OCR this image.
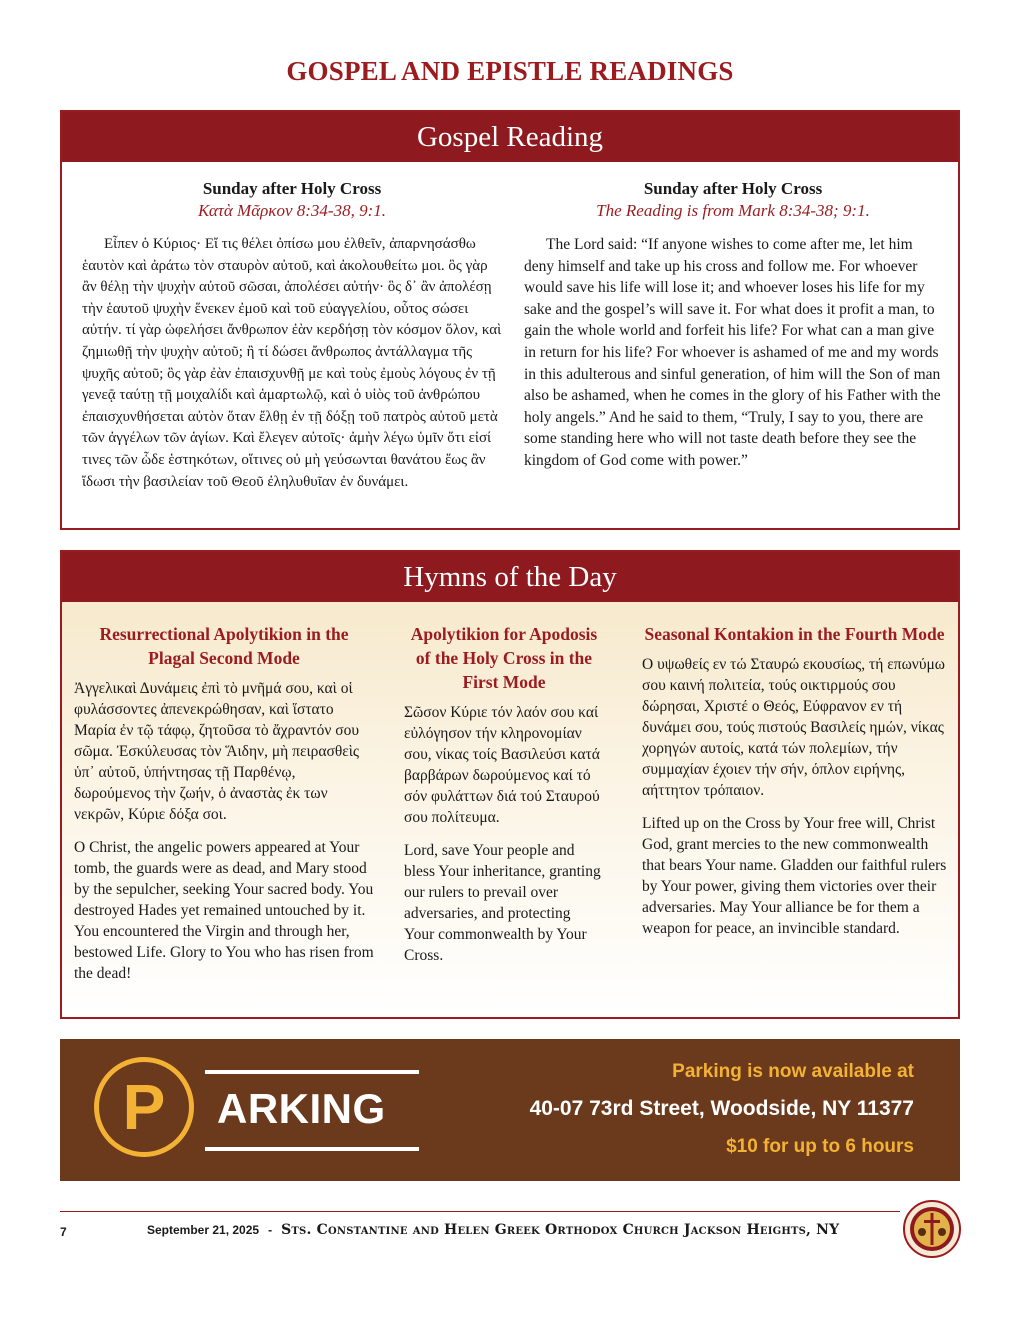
GOSPEL AND EPISTLE READINGS
Gospel Reading
Sunday after Holy Cross
Κατὰ Μᾶρκον 8:34-38, 9:1.

Εἶπεν ὁ Κύριος· Εἴ τις θέλει ὀπίσω μου ἐλθεῖν, ἀπαρνησάσθω ἑαυτὸν καὶ ἀράτω τὸν σταυρὸν αὐτοῦ, καὶ ἀκολουθείτω μοι. ὃς γὰρ ἂν θέλῃ τὴν ψυχὴν αὐτοῦ σῶσαι, ἀπολέσει αὐτήν· ὃς δ᾽ ἂν ἀπολέσῃ τὴν ἑαυτοῦ ψυχὴν ἕνεκεν ἐμοῦ καὶ τοῦ εὐαγγελίου, οὗτος σώσει αὐτήν. τί γὰρ ὠφελήσει ἄνθρωπον ἐὰν κερδήσῃ τὸν κόσμον ὅλον, καὶ ζημιωθῇ τὴν ψυχὴν αὐτοῦ; ἢ τί δώσει ἄνθρωπος ἀντάλλαγμα τῆς ψυχῆς αὐτοῦ; ὃς γὰρ ἐὰν ἐπαισχυνθῇ με καὶ τοὺς ἐμοὺς λόγους ἐν τῇ γενεᾷ ταύτῃ τῇ μοιχαλίδι καὶ ἁμαρτωλῷ, καὶ ὁ υἱὸς τοῦ ἀνθρώπου ἐπαισχυνθήσεται αὐτὸν ὅταν ἔλθῃ ἐν τῇ δόξῃ τοῦ πατρὸς αὐτοῦ μετὰ τῶν ἀγγέλων τῶν ἁγίων. Καὶ ἔλεγεν αὐτοῖς· ἀμὴν λέγω ὑμῖν ὅτι εἰσί τινες τῶν ὧδε ἑστηκότων, οἵτινες οὐ μὴ γεύσωνται θανάτου ἕως ἂν ἴδωσι τὴν βασιλείαν τοῦ Θεοῦ ἐληλυθυῖαν ἐν δυνάμει.

Sunday after Holy Cross
The Reading is from Mark 8:34-38; 9:1.

The Lord said: “If anyone wishes to come after me, let him deny himself and take up his cross and follow me. For whoever would save his life will lose it; and whoever loses his life for my sake and the gospel’s will save it. For what does it profit a man, to gain the whole world and forfeit his life? For what can a man give in return for his life? For whoever is ashamed of me and my words in this adulterous and sinful generation, of him will the Son of man also be ashamed, when he comes in the glory of his Father with the holy angels.” And he said to them, “Truly, I say to you, there are some standing here who will not taste death before they see the kingdom of God come with power.”

Hymns of the Day
Resurrectional Apolytikion in the Plagal Second Mode

Ἀγγελικαὶ Δυνάμεις ἐπὶ τὸ μνῆμά σου, καὶ οἱ φυλάσσοντες ἀπενεκρώθησαν, καὶ ἵστατο Μαρία ἐν τῷ τάφῳ, ζητοῦσα τὸ ἄχραντόν σου σῶμα. Ἐσκύλευσας τὸν Ἅιδην, μὴ πειρασθεὶς ὑπ᾽ αὐτοῦ, ὑπήντησας τῇ Παρθένῳ, δωρούμενος τὴν ζωήν, ὁ ἀναστὰς ἐκ των νεκρῶν, Κύριε δόξα σοι.

O Christ, the angelic powers appeared at Your tomb, the guards were as dead, and Mary stood by the sepulcher, seeking Your sacred body. You destroyed Hades yet remained untouched by it. You encountered the Virgin and through her, bestowed Life. Glory to You who has risen from the dead!

Apolytikion for Apodosis of the Holy Cross in the First Mode

Σῶσον Κύριε τόν λαόν σου καί εὐλόγησον τήν κληρονομίαν σου, νίκας τοίς Βασιλεύσι κατά βαρβάρων δωρούμενος καί τό σόν φυλάττων διά τού Σταυρού σου πολίτευμα.

Lord, save Your people and bless Your inheritance, granting our rulers to prevail over adversaries, and protecting Your commonwealth by Your Cross.

Seasonal Kontakion in the Fourth Mode

Ο υψωθείς εν τώ Σταυρώ εκουσίως, τή επωνύμω σου καινή πολιτεία, τούς οικτιρμούς σου δώρησαι, Χριστέ ο Θεός, Εύφρανον εν τή δυνάμει σου, τούς πιστούς Βασιλείς ημών, νίκας χορηγών αυτοίς, κατά τών πολεμίων, τήν συμμαχίαν έχοιεν τήν σήν, όπλον ειρήνης, αήττητον τρόπαιον.

Lifted up on the Cross by Your free will, Christ God, grant mercies to the new commonwealth that bears Your name. Gladden our faithful rulers by Your power, giving them victories over their adversaries. May Your alliance be for them a weapon for peace, an invincible standard.

P	ARKING
Parking is now available at
40-07 73rd Street, Woodside, NY 11377
$10 for up to 6 hours
7	September 21, 2025 - Sts. Constantine and Helen Greek Orthodox Church Jackson Heights, NY
